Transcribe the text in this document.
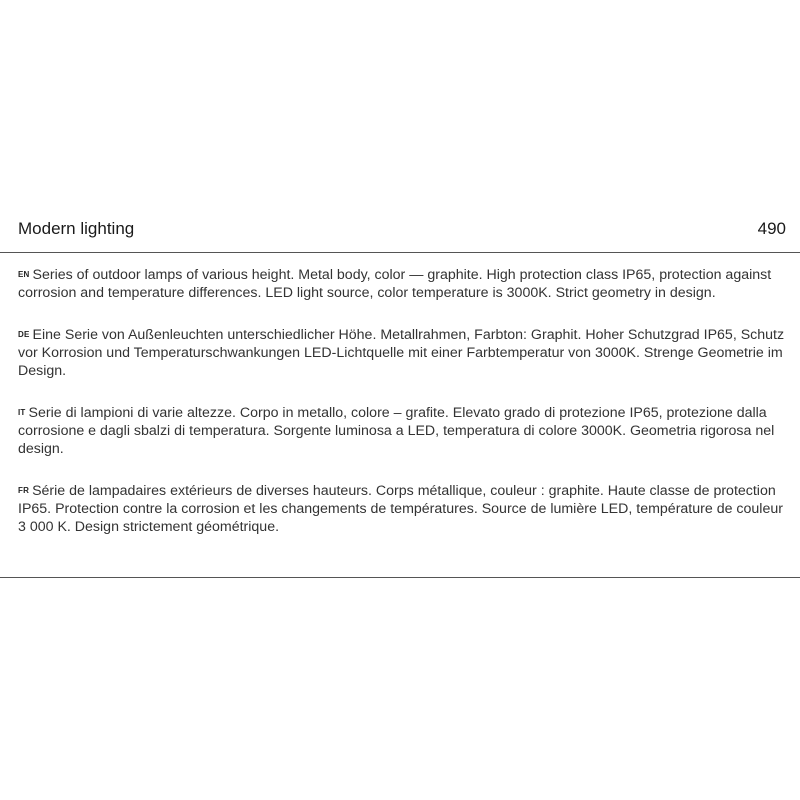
Modern lighting	490

EN Series of outdoor lamps of various height. Metal body, color — graphite. High protection class IP65, protection against corrosion and temperature differences. LED light source, color temperature is 3000K. Strict geometry in design.

DE Eine Serie von Außenleuchten unterschiedlicher Höhe. Metallrahmen, Farbton: Graphit. Hoher Schutzgrad IP65, Schutz vor Korrosion und Temperaturschwankungen LED-Lichtquelle mit einer Farbtemperatur von 3000K. Strenge Geometrie im Design.

IT Serie di lampioni di varie altezze. Corpo in metallo, colore – grafite. Elevato grado di protezione IP65, protezione dalla corrosione e dagli sbalzi di temperatura. Sorgente luminosa a LED, temperatura di colore 3000K. Geometria rigorosa nel design.

FR Série de lampadaires extérieurs de diverses hauteurs. Corps métallique, couleur : graphite. Haute classe de protection IP65. Protection contre la corrosion et les changements de températures. Source de lumière LED, température de couleur 3 000 K. Design strictement géométrique.
